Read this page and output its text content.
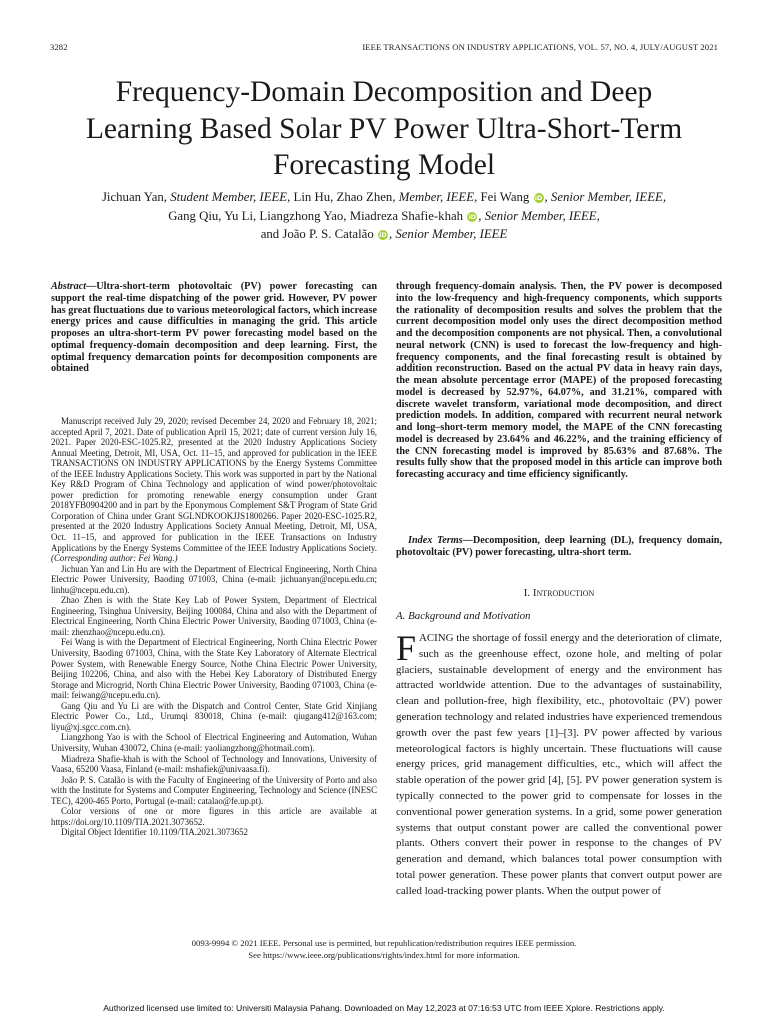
3282	IEEE TRANSACTIONS ON INDUSTRY APPLICATIONS, VOL. 57, NO. 4, JULY/AUGUST 2021
Frequency-Domain Decomposition and Deep
Learning Based Solar PV Power Ultra-Short-Term
Forecasting Model
Jichuan Yan, Student Member, IEEE, Lin Hu, Zhao Zhen, Member, IEEE, Fei Wang iD , Senior Member, IEEE,
Gang Qiu, Yu Li, Liangzhong Yao, Miadreza Shafie-khah iD , Senior Member, IEEE,
and João P. S. Catalão iD , Senior Member, IEEE
Abstract—Ultra-short-term photovoltaic (PV) power forecasting can support the real-time dispatching of the power grid. However, PV power has great fluctuations due to various meteorological factors, which increase energy prices and cause difficulties in managing the grid. This article proposes an ultra-short-term PV power forecasting model based on the optimal frequency-domain decomposition and deep learning. First, the optimal frequency demarcation points for decomposition components are obtained

Manuscript received July 29, 2020; revised December 24, 2020 and February 18, 2021; accepted April 7, 2021. Date of publication April 15, 2021; date of current version July 16, 2021. Paper 2020-ESC-1025.R2, presented at the 2020 Industry Applications Society Annual Meeting, Detroit, MI, USA, Oct. 11–15, and approved for publication in the IEEE TRANSACTIONS ON INDUSTRY APPLICATIONS by the Energy Systems Committee of the IEEE Industry Applications Society. This work was supported in part by the National Key R&D Program of China Technology and application of wind power/photovoltaic power prediction for promoting renewable energy consumption under Grant 2018YFB0904200 and in part by the Eponymous Complement S&T Program of State Grid Corporation of China under Grant SGLNDKOOKJJS1800266. Paper 2020-ESC-1025.R2, presented at the 2020 Industry Applications Society Annual Meeting, Detroit, MI, USA, Oct. 11–15, and approved for publication in the IEEE Transactions on Industry Applications by the Energy Systems Committee of the IEEE Industry Applications Society. (Corresponding author: Fei Wang.)

Jichuan Yan and Lin Hu are with the Department of Electrical Engineering, North China Electric Power University, Baoding 071003, China (e-mail: jichuanyan@ncepu.edu.cn; linhu@ncepu.edu.cn).

Zhao Zhen is with the State Key Lab of Power System, Department of Electrical Engineering, Tsinghua University, Beijing 100084, China and also with the Department of Electrical Engineering, North China Electric Power University, Baoding 071003, China (e-mail: zhenzhao@ncepu.edu.cn).

Fei Wang is with the Department of Electrical Engineering, North China Electric Power University, Baoding 071003, China, with the State Key Laboratory of Alternate Electrical Power System, with Renewable Energy Source, Nothe China Electric Power University, Beijing 102206, China, and also with the Hebei Key Laboratory of Distributed Energy Storage and Microgrid, North China Electric Power University, Baoding 071003, China (e-mail: feiwang@ncepu.edu.cn).

Gang Qiu and Yu Li are with the Dispatch and Control Center, State Grid Xinjiang Electric Power Co., Ltd., Urumqi 830018, China (e-mail: qiugang412@163.com; liyu@xj.sgcc.com.cn).

Liangzhong Yao is with the School of Electrical Engineering and Automation, Wuhan University, Wuhan 430072, China (e-mail: yaoliangzhong@hotmail.com).

Miadreza Shafie-khah is with the School of Technology and Innovations, University of Vaasa, 65200 Vaasa, Finland (e-mail: mshafiek@univaasa.fi).

João P. S. Catalão is with the Faculty of Engineering of the University of Porto and also with the Institute for Systems and Computer Engineering, Technology and Science (INESC TEC), 4200-465 Porto, Portugal (e-mail: catalao@fe.up.pt).

Color versions of one or more figures in this article are available at https://doi.org/10.1109/TIA.2021.3073652.

Digital Object Identifier 10.1109/TIA.2021.3073652

through frequency-domain analysis. Then, the PV power is decomposed into the low-frequency and high-frequency components, which supports the rationality of decomposition results and solves the problem that the current decomposition model only uses the direct decomposition method and the decomposition components are not physical. Then, a convolutional neural network (CNN) is used to forecast the low-frequency and high-frequency components, and the final forecasting result is obtained by addition reconstruction. Based on the actual PV data in heavy rain days, the mean absolute percentage error (MAPE) of the proposed forecasting model is decreased by 52.97%, 64.07%, and 31.21%, compared with discrete wavelet transform, variational mode decomposition, and direct prediction models. In addition, compared with recurrent neural network and long–short-term memory model, the MAPE of the CNN forecasting model is decreased by 23.64% and 46.22%, and the training efficiency of the CNN forecasting model is improved by 85.63% and 87.68%. The results fully show that the proposed model in this article can improve both forecasting accuracy and time efficiency significantly.
Index Terms—Decomposition, deep learning (DL), frequency domain, photovoltaic (PV) power forecasting, ultra-short term.
I. Introduction
A. Background and Motivation

FACING the shortage of fossil energy and the deterioration of climate, such as the greenhouse effect, ozone hole, and melting of polar glaciers, sustainable development of energy and the environment has attracted worldwide attention. Due to the advantages of sustainability, clean and pollution-free, high flexibility, etc., photovoltaic (PV) power generation technology and related industries have experienced tremendous growth over the past few years [1]–[3]. PV power affected by various meteorological factors is highly uncertain. These fluctuations will cause energy prices, grid management difficulties, etc., which will affect the stable operation of the power grid [4], [5]. PV power generation system is typically connected to the power grid to compensate for losses in the conventional power generation systems. In a grid, some power generation systems that output constant power are called the conventional power plants. Others convert their power in response to the changes of PV generation and demand, which balances total power consumption with total power generation. These power plants that convert output power are called load-tracking power plants. When the output power of

0093-9994 © 2021 IEEE. Personal use is permitted, but republication/redistribution requires IEEE permission.
See https://www.ieee.org/publications/rights/index.html for more information.
Authorized licensed use limited to: Universiti Malaysia Pahang. Downloaded on May 12,2023 at 07:16:53 UTC from IEEE Xplore. Restrictions apply.
